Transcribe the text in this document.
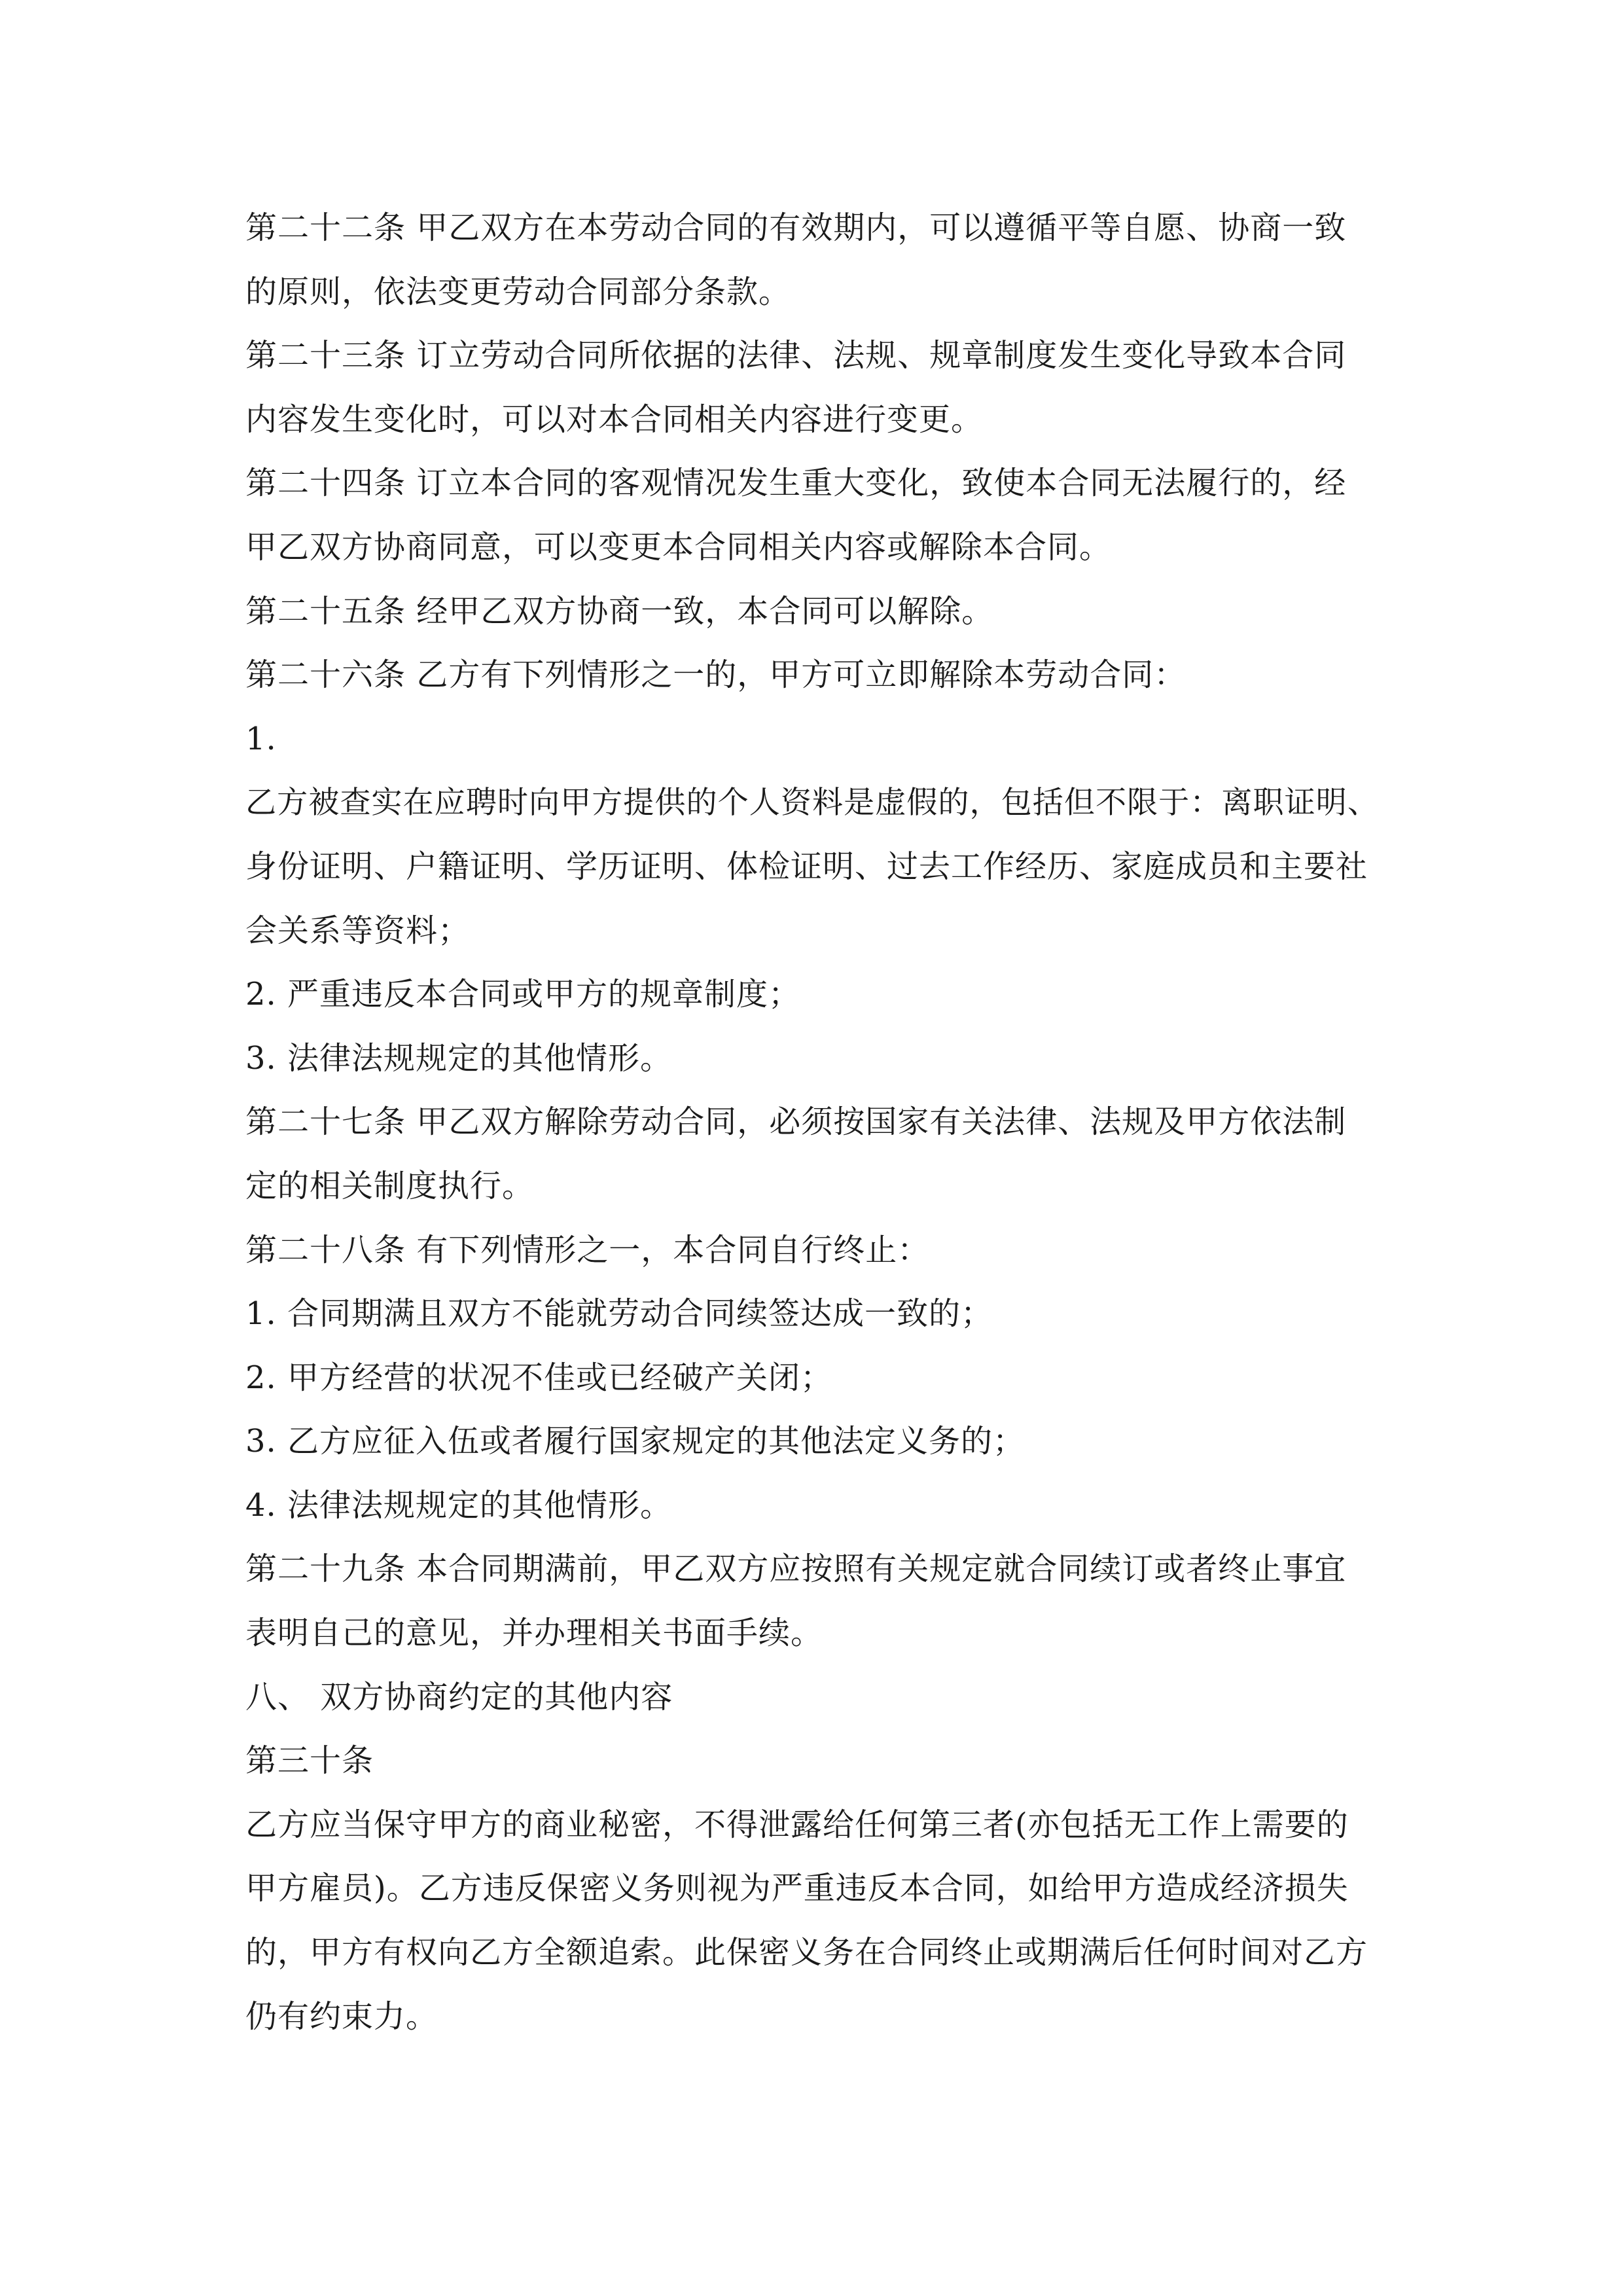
第二十二条 甲乙双方在本劳动合同的有效期内，可以遵循平等自愿、协商一致
的原则，依法变更劳动合同部分条款。
第二十三条 订立劳动合同所依据的法律、法规、规章制度发生变化导致本合同
内容发生变化时，可以对本合同相关内容进行变更。
第二十四条 订立本合同的客观情况发生重大变化，致使本合同无法履行的，经
甲乙双方协商同意，可以变更本合同相关内容或解除本合同。
第二十五条 经甲乙双方协商一致，本合同可以解除。
第二十六条 乙方有下列情形之一的，甲方可立即解除本劳动合同：
1.
乙方被查实在应聘时向甲方提供的个人资料是虚假的，包括但不限于：离职证明、
身份证明、户籍证明、学历证明、体检证明、过去工作经历、家庭成员和主要社
会关系等资料；
2. 严重违反本合同或甲方的规章制度；
3. 法律法规规定的其他情形。
第二十七条 甲乙双方解除劳动合同，必须按国家有关法律、法规及甲方依法制
定的相关制度执行。
第二十八条 有下列情形之一，本合同自行终止：
1. 合同期满且双方不能就劳动合同续签达成一致的；
2. 甲方经营的状况不佳或已经破产关闭；
3. 乙方应征入伍或者履行国家规定的其他法定义务的；
4. 法律法规规定的其他情形。
第二十九条 本合同期满前，甲乙双方应按照有关规定就合同续订或者终止事宜
表明自己的意见，并办理相关书面手续。
八、 双方协商约定的其他内容
第三十条
乙方应当保守甲方的商业秘密，不得泄露给任何第三者(亦包括无工作上需要的
甲方雇员)。乙方违反保密义务则视为严重违反本合同，如给甲方造成经济损失
的，甲方有权向乙方全额追索。此保密义务在合同终止或期满后任何时间对乙方
仍有约束力。
